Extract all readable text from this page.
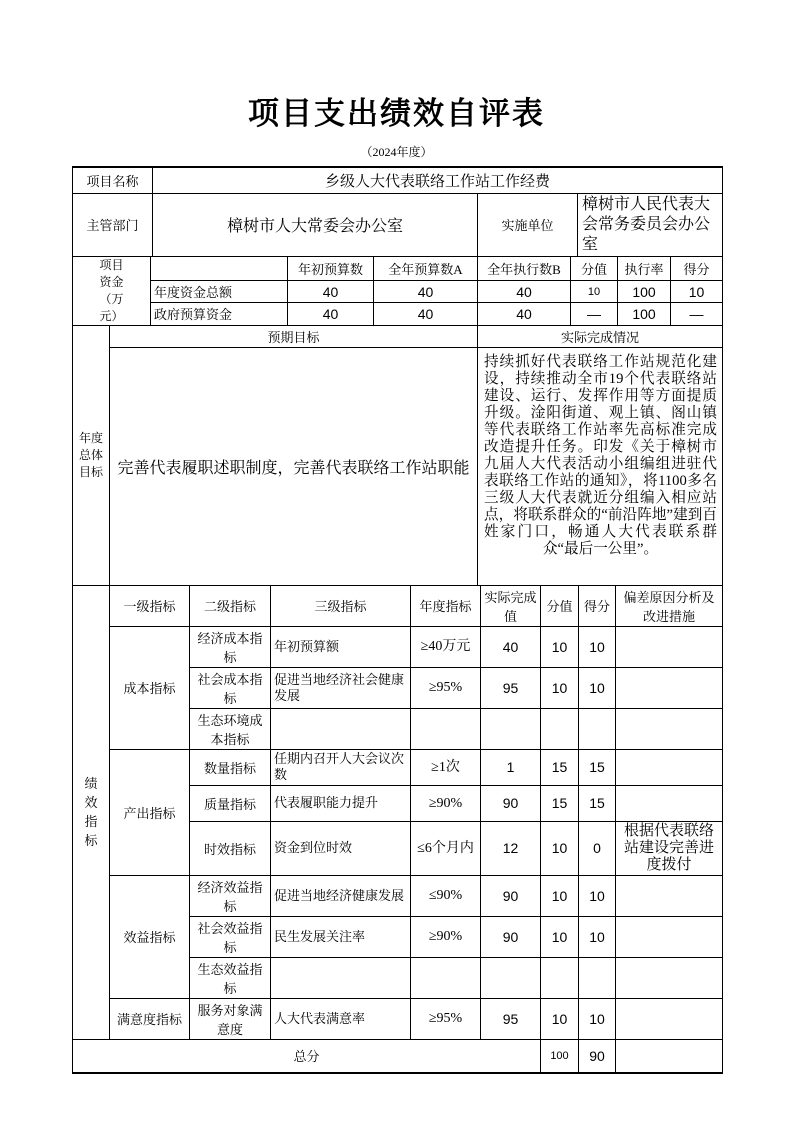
项目支出绩效自评表
（2024年度）
项目名称	乡级人大代表联络工作站工作经费		
主管部门	樟树市人大常委会办公室	实施单位	樟树市人民代表大会常务委员会办公室
项目资金（万元）		年初预算数	全年预算数A	全年执行数B	分值	执行率	得分
	年度资金总额	40	40	40	10	100	10
	政府预算资金	40	40	40	—	100	—
年度总体目标	预期目标	实际完成情况
	完善代表履职述职制度，完善代表联络工作站职能	持续抓好代表联络工作站规范化建设，持续推动全市19个代表联络站建设、运行、发挥作用等方面提质升级。淦阳街道、观上镇、阁山镇等代表联络工作站率先高标准完成改造提升任务。印发《关于樟树市九届人大代表活动小组编组进驻代表联络工作站的通知》，将1100多名三级人大代表就近分组编入相应站点，将联系群众的“前沿阵地”建到百姓家门口，畅通人大代表联系群众“最后一公里”。
绩效指标	一级指标	二级指标	三级指标	年度指标	实际完成值	分值	得分	偏差原因分析及改进措施
	成本指标	经济成本指标	年初预算额	≥40万元	40	10	10	
		社会成本指标	促进当地经济社会健康发展	≥95%	95	10	10	
		生态环境成本指标						
	产出指标	数量指标	任期内召开人大会议次数	≥1次	1	15	15	
		质量指标	代表履职能力提升	≥90%	90	15	15	
		时效指标	资金到位时效	≤6个月内	12	10	0	根据代表联络站建设完善进度拨付
	效益指标	经济效益指标	促进当地经济健康发展	≤90%	90	10	10	
		社会效益指标	民生发展关注率	≥90%	90	10	10	
		生态效益指标						
	满意度指标	服务对象满意度	人大代表满意率	≥95%	95	10	10	
总分	100	90	
